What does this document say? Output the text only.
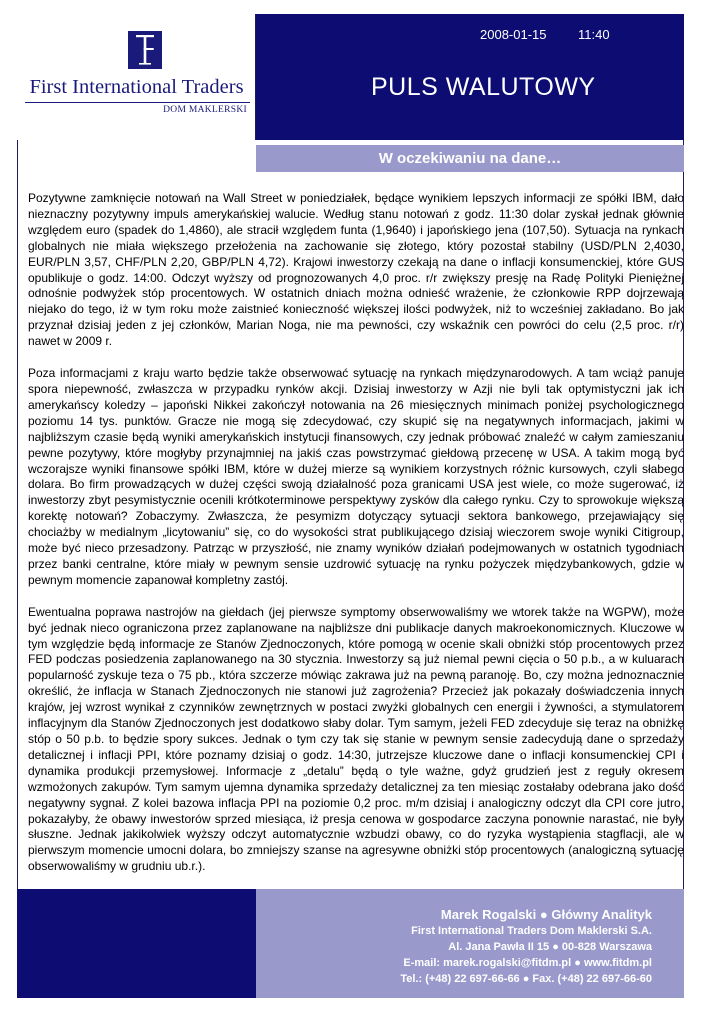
First International Traders
DOM MAKLERSKI
2008-01-15 11:40
PULS WALUTOWY
W oczekiwaniu na dane…

Pozytywne zamknięcie notowań na Wall Street w poniedziałek, będące wynikiem lepszych informacji ze spółki IBM, dało nieznaczny pozytywny impuls amerykańskiej walucie. Według stanu notowań z godz. 11:30 dolar zyskał jednak głównie względem euro (spadek do 1,4860), ale stracił względem funta (1,9640) i japońskiego jena (107,50). Sytuacja na rynkach globalnych nie miała większego przełożenia na zachowanie się złotego, który pozostał stabilny (USD/PLN 2,4030, EUR/PLN 3,57, CHF/PLN 2,20, GBP/PLN 4,72). Krajowi inwestorzy czekają na dane o inflacji konsumenckiej, które GUS opublikuje o godz. 14:00. Odczyt wyższy od prognozowanych 4,0 proc. r/r zwiększy presję na Radę Polityki Pieniężnej odnośnie podwyżek stóp procentowych. W ostatnich dniach można odnieść wrażenie, że członkowie RPP dojrzewają niejako do tego, iż w tym roku może zaistnieć konieczność większej ilości podwyżek, niż to wcześniej zakładano. Bo jak przyznał dzisiaj jeden z jej członków, Marian Noga, nie ma pewności, czy wskaźnik cen powróci do celu (2,5 proc. r/r) nawet w 2009 r.

Poza informacjami z kraju warto będzie także obserwować sytuację na rynkach międzynarodowych. A tam wciąż panuje spora niepewność, zwłaszcza w przypadku rynków akcji. Dzisiaj inwestorzy w Azji nie byli tak optymistyczni jak ich amerykańscy koledzy – japoński Nikkei zakończył notowania na 26 miesięcznych minimach poniżej psychologicznego poziomu 14 tys. punktów. Gracze nie mogą się zdecydować, czy skupić się na negatywnych informacjach, jakimi w najbliższym czasie będą wyniki amerykańskich instytucji finansowych, czy jednak próbować znaleźć w całym zamieszaniu pewne pozytywy, które mogłyby przynajmniej na jakiś czas powstrzymać giełdową przecenę w USA. A takim mogą być wczorajsze wyniki finansowe spółki IBM, które w dużej mierze są wynikiem korzystnych różnic kursowych, czyli słabego dolara. Bo firm prowadzących w dużej części swoją działalność poza granicami USA jest wiele, co może sugerować, iż inwestorzy zbyt pesymistycznie ocenili krótkoterminowe perspektywy zysków dla całego rynku. Czy to sprowokuje większą korektę notowań? Zobaczymy. Zwłaszcza, że pesymizm dotyczący sytuacji sektora bankowego, przejawiający się chociażby w medialnym „licytowaniu” się, co do wysokości strat publikującego dzisiaj wieczorem swoje wyniki Citigroup, może być nieco przesadzony. Patrząc w przyszłość, nie znamy wyników działań podejmowanych w ostatnich tygodniach przez banki centralne, które miały w pewnym sensie uzdrowić sytuację na rynku pożyczek międzybankowych, gdzie w pewnym momencie zapanował kompletny zastój.

Ewentualna poprawa nastrojów na giełdach (jej pierwsze symptomy obserwowaliśmy we wtorek także na WGPW), może być jednak nieco ograniczona przez zaplanowane na najbliższe dni publikacje danych makroekonomicznych. Kluczowe w tym względzie będą informacje ze Stanów Zjednoczonych, które pomogą w ocenie skali obniżki stóp procentowych przez FED podczas posiedzenia zaplanowanego na 30 stycznia. Inwestorzy są już niemal pewni cięcia o 50 p.b., a w kuluarach popularność zyskuje teza o 75 pb., która szczerze mówiąc zakrawa już na pewną paranoję. Bo, czy można jednoznacznie określić, że inflacja w Stanach Zjednoczonych nie stanowi już zagrożenia? Przecież jak pokazały doświadczenia innych krajów, jej wzrost wynikał z czynników zewnętrznych w postaci zwyżki globalnych cen energii i żywności, a stymulatorem inflacyjnym dla Stanów Zjednoczonych jest dodatkowo słaby dolar. Tym samym, jeżeli FED zdecyduje się teraz na obniżkę stóp o 50 p.b. to będzie spory sukces. Jednak o tym czy tak się stanie w pewnym sensie zadecydują dane o sprzedaży detalicznej i inflacji PPI, które poznamy dzisiaj o godz. 14:30, jutrzejsze kluczowe dane o inflacji konsumenckiej CPI i dynamika produkcji przemysłowej. Informacje z „detalu” będą o tyle ważne, gdyż grudzień jest z reguły okresem wzmożonych zakupów. Tym samym ujemna dynamika sprzedaży detalicznej za ten miesiąc zostałaby odebrana jako dość negatywny sygnał. Z kolei bazowa inflacja PPI na poziomie 0,2 proc. m/m dzisiaj i analogiczny odczyt dla CPI core jutro, pokazałyby, że obawy inwestorów sprzed miesiąca, iż presja cenowa w gospodarce zaczyna ponownie narastać, nie były słuszne. Jednak jakikolwiek wyższy odczyt automatycznie wzbudzi obawy, co do ryzyka wystąpienia stagflacji, ale w pierwszym momencie umocni dolara, bo zmniejszy szanse na agresywne obniżki stóp procentowych (analogiczną sytuację obserwowaliśmy w grudniu ub.r.).

Marek Rogalski ● Główny Analityk
First International Traders Dom Maklerski S.A.
Al. Jana Pawła II 15 ● 00-828 Warszawa
E-mail: marek.rogalski@fitdm.pl ● www.fitdm.pl
Tel.: (+48) 22 697-66-66 ● Fax. (+48) 22 697-66-60
